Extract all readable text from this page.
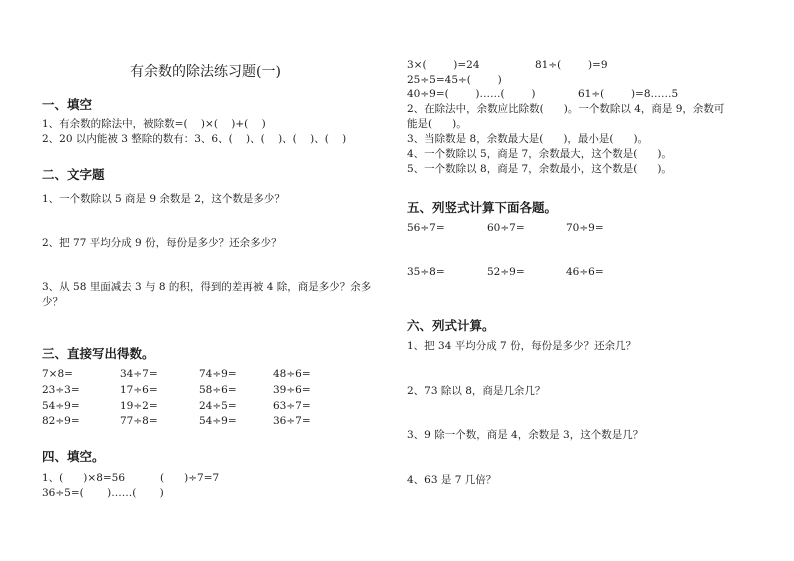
有余数的除法练习题(一)
一、填空
1、有余数的除法中，被除数=(    )×(    )+(    )
2、20 以内能被 3 整除的数有：3、6、(    )、(    )、(    )、(    )
二、文字题
1、一个数除以 5 商是 9 余数是 2，这个数是多少？
2、把 77 平均分成 9 份，每份是多少？还余多少？
3、从 58 里面减去 3 与 8 的积，得到的差再被 4 除，商是多少？余多
少？
三、直接写出得数。
7×8=	34÷7=	74÷9=	48÷6=
23÷3=	17÷6=	58÷6=	39÷6=
54÷9=	19÷2=	24÷5=	63÷7=
82÷9=	77÷8=	54÷9=	36÷7=
四、填空。
1、(      )×8=56	(      )÷7=7
36÷5=(       )……(       )
3×(        )=24	81÷(        )=9
25÷5=45÷(        )
40÷9=(        )……(        )	61÷(        )=8……5
2、在除法中，余数应比除数(      )。一个数除以 4，商是 9，余数可
能是(      )。
3、当除数是 8，余数最大是(      )，最小是(      )。
4、一个数除以 5，商是 7，余数最大，这个数是(      )。
5、一个数除以 8，商是 7，余数最小，这个数是(      )。
五、列竖式计算下面各题。
56÷7=	60÷7=	70÷9=
35÷8=	52÷9=	46÷6=
六、列式计算。
1、把 34 平均分成 7 份，每份是多少？还余几？
2、73 除以 8，商是几余几？
3、9 除一个数，商是 4，余数是 3，这个数是几？
4、63 是 7 几倍？
